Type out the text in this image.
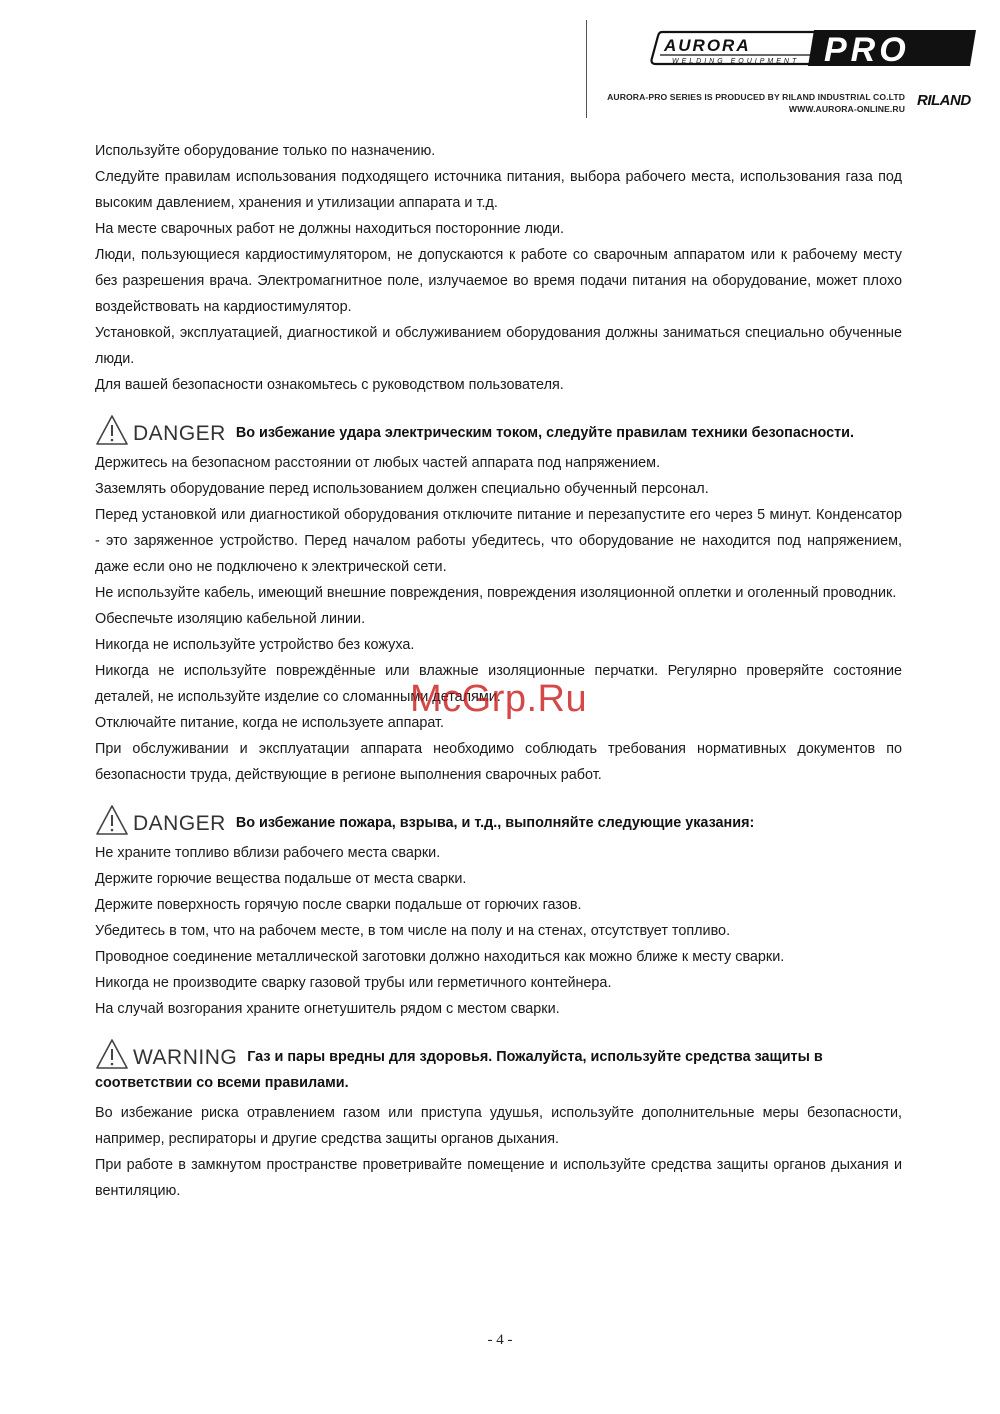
AURORA
WELDING EQUIPMENT PRO
AURORA-PRO SERIES IS PRODUCED BY RILAND INDUSTRIAL CO.LTD
WWW.AURORA-ONLINE.RU RILAND

Используйте оборудование только по назначению.

Следуйте правилам использования подходящего источника питания, выбора рабочего места, использования газа под высоким давлением, хранения и утилизации аппарата и т.д.

На месте сварочных работ не должны находиться посторонние люди.

Люди, пользующиеся кардиостимулятором, не допускаются к работе со сварочным аппаратом или к рабочему месту без разрешения врача. Электромагнитное поле, излучаемое во время подачи питания на оборудование, может плохо воздействовать на кардиостимулятор.

Установкой, эксплуатацией, диагностикой и обслуживанием оборудования должны заниматься специально обученные люди.

Для вашей безопасности ознакомьтесь с руководством пользователя.

DANGER Во избежание удара электрическим током, следуйте правилам техники безопасности.

Держитесь на безопасном расстоянии от любых частей аппарата под напряжением.

Заземлять оборудование перед использованием должен специально обученный персонал.

Перед установкой или диагностикой оборудования отключите питание и перезапустите его через 5 минут. Конденсатор - это заряженное устройство. Перед началом работы убедитесь, что оборудование не находится под напряжением, даже если оно не подключено к электрической сети.

Не используйте кабель, имеющий внешние повреждения, повреждения изоляционной оплетки и оголенный проводник.

Обеспечьте изоляцию кабельной линии.

Никогда не используйте устройство без кожуха.

Никогда не используйте повреждённые или влажные изоляционные перчатки. Регулярно проверяйте состояние деталей, не используйте изделие со сломанными деталями.

Отключайте питание, когда не используете аппарат.

При обслуживании и эксплуатации аппарата необходимо соблюдать требования нормативных документов по безопасности труда, действующие в регионе выполнения сварочных работ.

DANGER Во избежание пожара, взрыва, и т.д., выполняйте следующие указания:

Не храните топливо вблизи рабочего места сварки.

Держите горючие вещества подальше от места сварки.

Держите поверхность горячую после сварки подальше от горючих газов.

Убедитесь в том, что на рабочем месте, в том числе на полу и на стенах, отсутствует топливо.

Проводное соединение металлической заготовки должно находиться как можно ближе к месту сварки.

Никогда не производите сварку газовой трубы или герметичного контейнера.

На случай возгорания храните огнетушитель рядом с местом сварки.

WARNING Газ и пары вредны для здоровья. Пожалуйста, используйте средства защиты в соответствии со всеми правилами.

Во избежание риска отравлением газом или приступа удушья, используйте дополнительные меры безопасности, например, респираторы и другие средства защиты органов дыхания.

При работе в замкнутом пространстве проветривайте помещение и используйте средства защиты органов дыхания и вентиляцию.

McGrp.Ru
- 4 -
